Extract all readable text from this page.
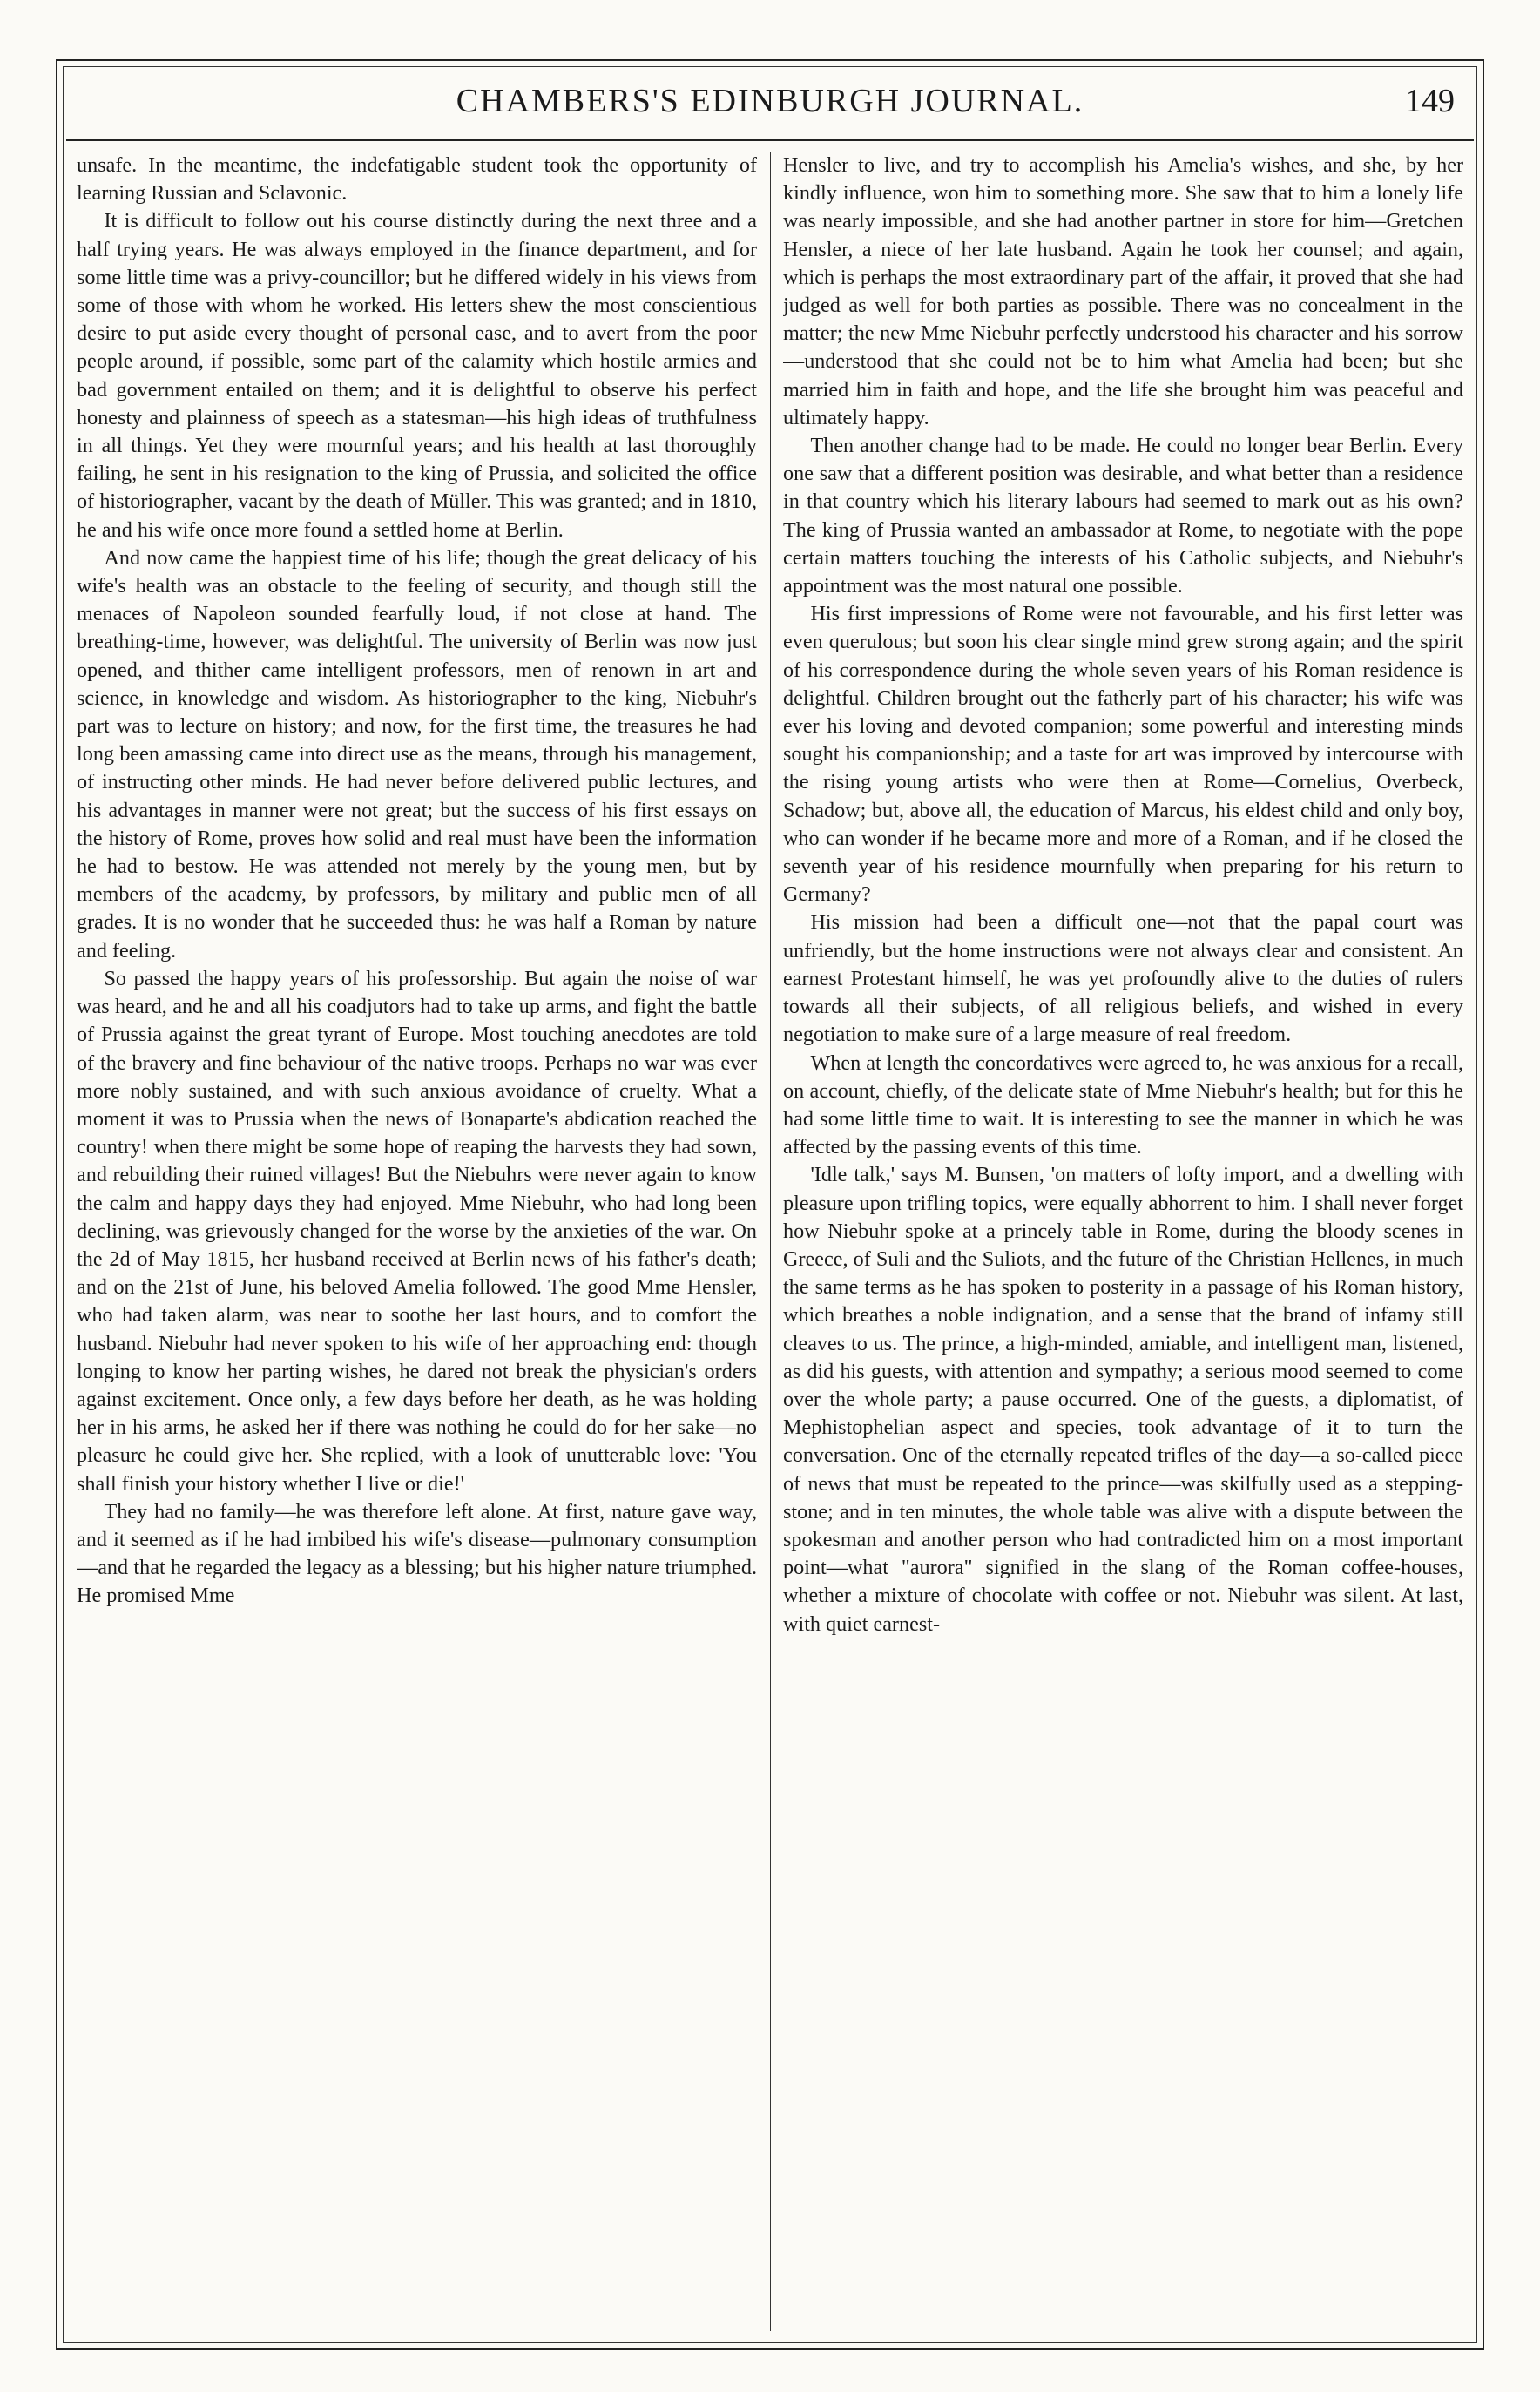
CHAMBERS'S EDINBURGH JOURNAL.	149

unsafe. In the meantime, the indefatigable student took the opportunity of learning Russian and Sclavonic.

It is difficult to follow out his course distinctly during the next three and a half trying years. He was always employed in the finance department, and for some little time was a privy-councillor; but he differed widely in his views from some of those with whom he worked. His letters shew the most conscientious desire to put aside every thought of personal ease, and to avert from the poor people around, if possible, some part of the calamity which hostile armies and bad government entailed on them; and it is delightful to observe his perfect honesty and plainness of speech as a statesman—his high ideas of truthfulness in all things. Yet they were mournful years; and his health at last thoroughly failing, he sent in his resignation to the king of Prussia, and solicited the office of historiographer, vacant by the death of Müller. This was granted; and in 1810, he and his wife once more found a settled home at Berlin.

And now came the happiest time of his life; though the great delicacy of his wife's health was an obstacle to the feeling of security, and though still the menaces of Napoleon sounded fearfully loud, if not close at hand. The breathing-time, however, was delightful. The university of Berlin was now just opened, and thither came intelligent professors, men of renown in art and science, in knowledge and wisdom. As historiographer to the king, Niebuhr's part was to lecture on history; and now, for the first time, the treasures he had long been amassing came into direct use as the means, through his management, of instructing other minds. He had never before delivered public lectures, and his advantages in manner were not great; but the success of his first essays on the history of Rome, proves how solid and real must have been the information he had to bestow. He was attended not merely by the young men, but by members of the academy, by professors, by military and public men of all grades. It is no wonder that he succeeded thus: he was half a Roman by nature and feeling.

So passed the happy years of his professorship. But again the noise of war was heard, and he and all his coadjutors had to take up arms, and fight the battle of Prussia against the great tyrant of Europe. Most touching anecdotes are told of the bravery and fine behaviour of the native troops. Perhaps no war was ever more nobly sustained, and with such anxious avoidance of cruelty. What a moment it was to Prussia when the news of Bonaparte's abdication reached the country! when there might be some hope of reaping the harvests they had sown, and rebuilding their ruined villages! But the Niebuhrs were never again to know the calm and happy days they had enjoyed. Mme Niebuhr, who had long been declining, was grievously changed for the worse by the anxieties of the war. On the 2d of May 1815, her husband received at Berlin news of his father's death; and on the 21st of June, his beloved Amelia followed. The good Mme Hensler, who had taken alarm, was near to soothe her last hours, and to comfort the husband. Niebuhr had never spoken to his wife of her approaching end: though longing to know her parting wishes, he dared not break the physician's orders against excitement. Once only, a few days before her death, as he was holding her in his arms, he asked her if there was nothing he could do for her sake—no pleasure he could give her. She replied, with a look of unutterable love: 'You shall finish your history whether I live or die!'

They had no family—he was therefore left alone. At first, nature gave way, and it seemed as if he had imbibed his wife's disease—pulmonary consumption—and that he regarded the legacy as a blessing; but his higher nature triumphed. He promised Mme

Hensler to live, and try to accomplish his Amelia's wishes, and she, by her kindly influence, won him to something more. She saw that to him a lonely life was nearly impossible, and she had another partner in store for him—Gretchen Hensler, a niece of her late husband. Again he took her counsel; and again, which is perhaps the most extraordinary part of the affair, it proved that she had judged as well for both parties as possible. There was no concealment in the matter; the new Mme Niebuhr perfectly understood his character and his sorrow—understood that she could not be to him what Amelia had been; but she married him in faith and hope, and the life she brought him was peaceful and ultimately happy.

Then another change had to be made. He could no longer bear Berlin. Every one saw that a different position was desirable, and what better than a residence in that country which his literary labours had seemed to mark out as his own? The king of Prussia wanted an ambassador at Rome, to negotiate with the pope certain matters touching the interests of his Catholic subjects, and Niebuhr's appointment was the most natural one possible.

His first impressions of Rome were not favourable, and his first letter was even querulous; but soon his clear single mind grew strong again; and the spirit of his correspondence during the whole seven years of his Roman residence is delightful. Children brought out the fatherly part of his character; his wife was ever his loving and devoted companion; some powerful and interesting minds sought his companionship; and a taste for art was improved by intercourse with the rising young artists who were then at Rome—Cornelius, Overbeck, Schadow; but, above all, the education of Marcus, his eldest child and only boy, who can wonder if he became more and more of a Roman, and if he closed the seventh year of his residence mournfully when preparing for his return to Germany?

His mission had been a difficult one—not that the papal court was unfriendly, but the home instructions were not always clear and consistent. An earnest Protestant himself, he was yet profoundly alive to the duties of rulers towards all their subjects, of all religious beliefs, and wished in every negotiation to make sure of a large measure of real freedom.

When at length the concordatives were agreed to, he was anxious for a recall, on account, chiefly, of the delicate state of Mme Niebuhr's health; but for this he had some little time to wait. It is interesting to see the manner in which he was affected by the passing events of this time.

'Idle talk,' says M. Bunsen, 'on matters of lofty import, and a dwelling with pleasure upon trifling topics, were equally abhorrent to him. I shall never forget how Niebuhr spoke at a princely table in Rome, during the bloody scenes in Greece, of Suli and the Suliots, and the future of the Christian Hellenes, in much the same terms as he has spoken to posterity in a passage of his Roman history, which breathes a noble indignation, and a sense that the brand of infamy still cleaves to us. The prince, a high-minded, amiable, and intelligent man, listened, as did his guests, with attention and sympathy; a serious mood seemed to come over the whole party; a pause occurred. One of the guests, a diplomatist, of Mephistophelian aspect and species, took advantage of it to turn the conversation. One of the eternally repeated trifles of the day—a so-called piece of news that must be repeated to the prince—was skilfully used as a stepping-stone; and in ten minutes, the whole table was alive with a dispute between the spokesman and another person who had contradicted him on a most important point—what "aurora" signified in the slang of the Roman coffee-houses, whether a mixture of chocolate with coffee or not. Niebuhr was silent. At last, with quiet earnest-
